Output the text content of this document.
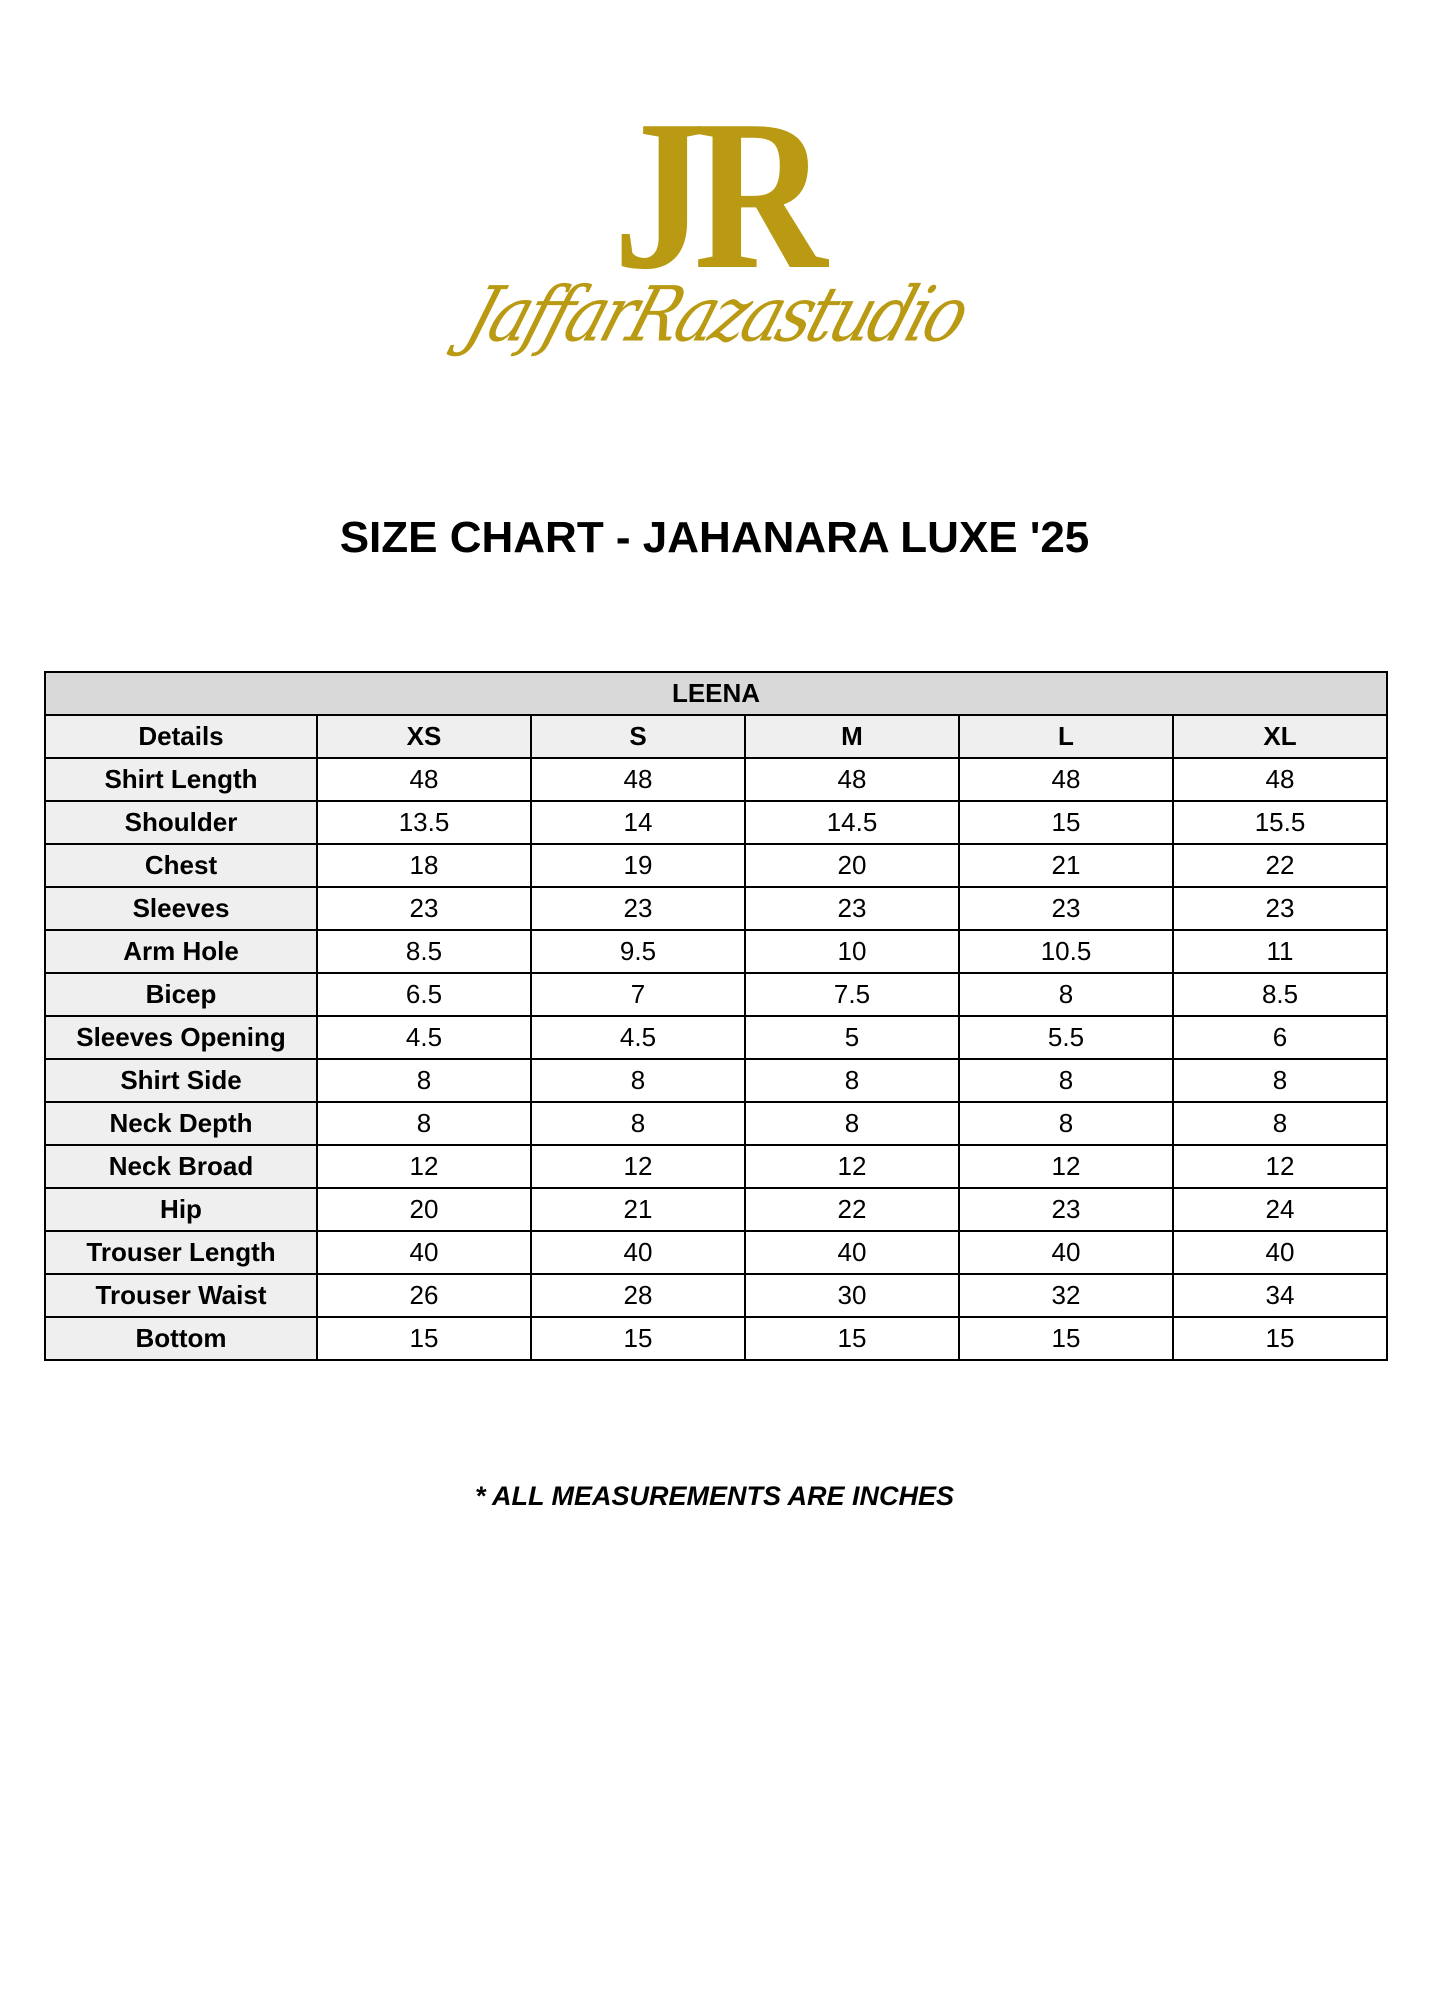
JR
JaffarRazastudio
SIZE CHART - JAHANARA LUXE '25
LEENA					
Details	XS	S	M	L	XL
Shirt Length	48	48	48	48	48
Shoulder	13.5	14	14.5	15	15.5
Chest	18	19	20	21	22
Sleeves	23	23	23	23	23
Arm Hole	8.5	9.5	10	10.5	11
Bicep	6.5	7	7.5	8	8.5
Sleeves Opening	4.5	4.5	5	5.5	6
Shirt Side	8	8	8	8	8
Neck Depth	8	8	8	8	8
Neck Broad	12	12	12	12	12
Hip	20	21	22	23	24
Trouser Length	40	40	40	40	40
Trouser Waist	26	28	30	32	34
Bottom	15	15	15	15	15
* ALL MEASUREMENTS ARE INCHES
